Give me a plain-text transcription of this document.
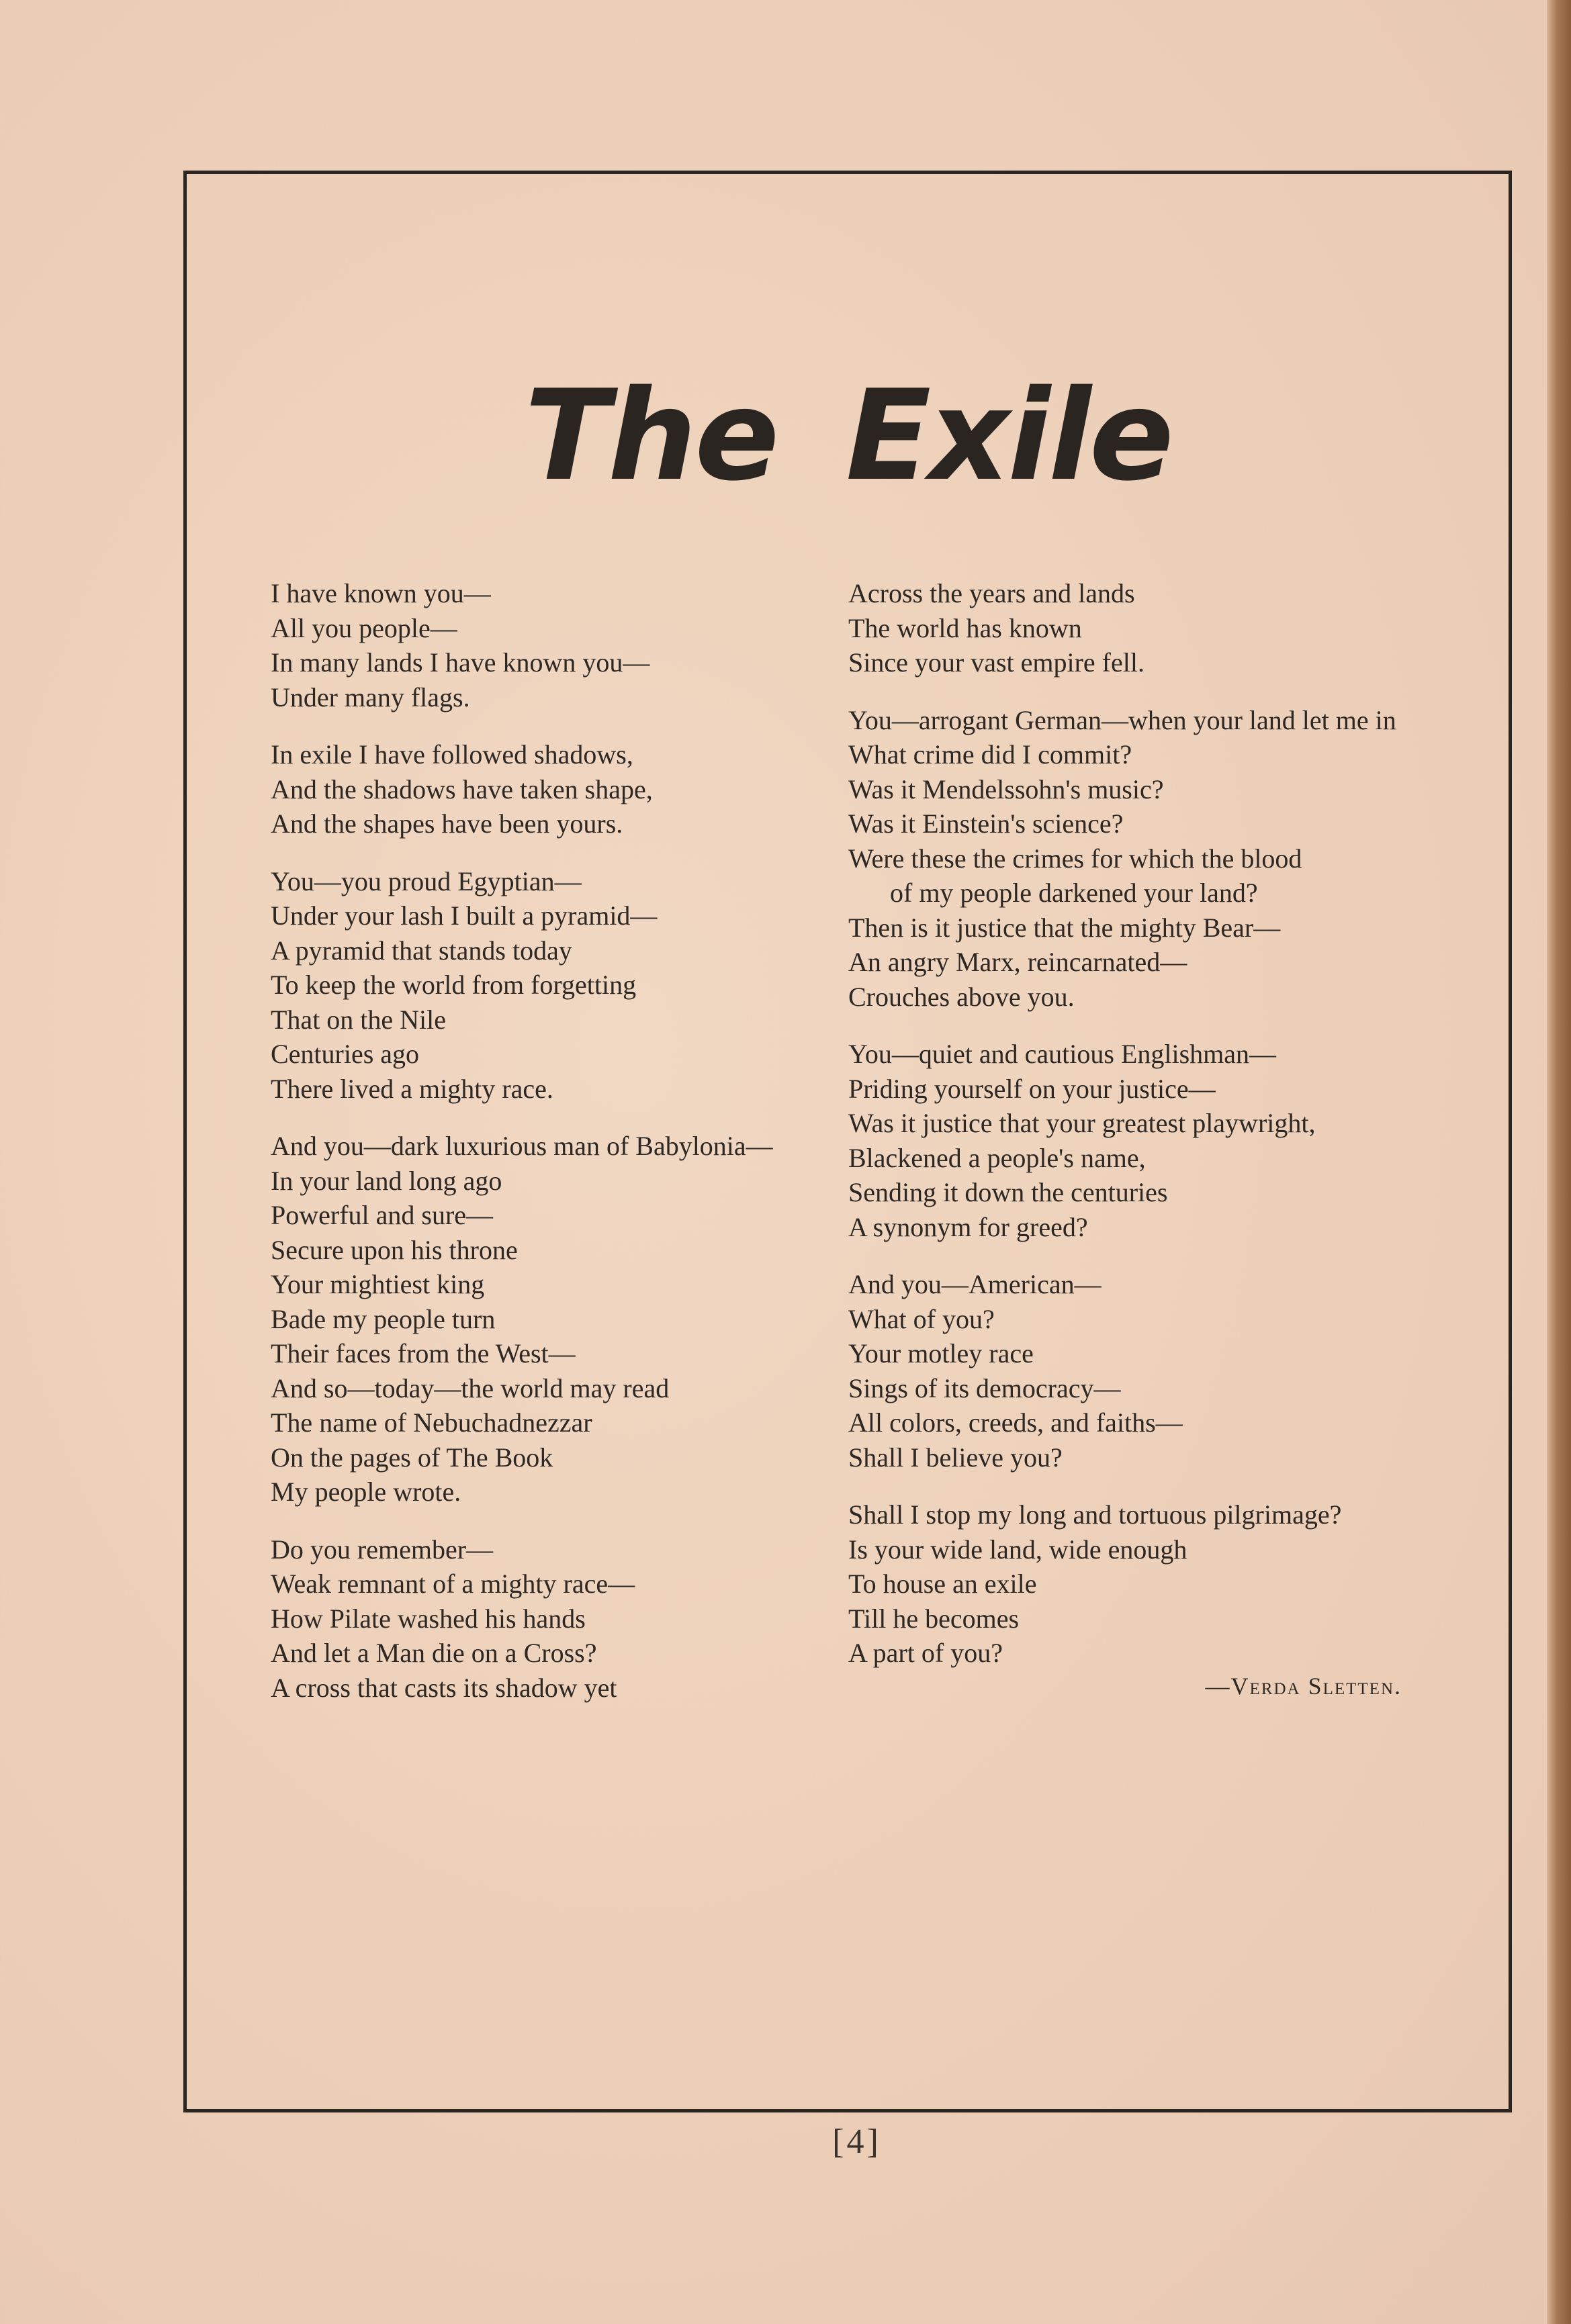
The Exile
I have known you—
All you people—
In many lands I have known you—
Under many flags.
In exile I have followed shadows,
And the shadows have taken shape,
And the shapes have been yours.
You—you proud Egyptian—
Under your lash I built a pyramid—
A pyramid that stands today
To keep the world from forgetting
That on the Nile
Centuries ago
There lived a mighty race.
And you—dark luxurious man of Babylonia—
In your land long ago
Powerful and sure—
Secure upon his throne
Your mightiest king
Bade my people turn
Their faces from the West—
And so—today—the world may read
The name of Nebuchadnezzar
On the pages of The Book
My people wrote.
Do you remember—
Weak remnant of a mighty race—
How Pilate washed his hands
And let a Man die on a Cross?
A cross that casts its shadow yet
Across the years and lands
The world has known
Since your vast empire fell.
You—arrogant German—when your land let me in
What crime did I commit?
Was it Mendelssohn's music?
Was it Einstein's science?
Were these the crimes for which the blood
of my people darkened your land?
Then is it justice that the mighty Bear—
An angry Marx, reincarnated—
Crouches above you.
You—quiet and cautious Englishman—
Priding yourself on your justice—
Was it justice that your greatest playwright,
Blackened a people's name,
Sending it down the centuries
A synonym for greed?
And you—American—
What of you?
Your motley race
Sings of its democracy—
All colors, creeds, and faiths—
Shall I believe you?
Shall I stop my long and tortuous pilgrimage?
Is your wide land, wide enough
To house an exile
Till he becomes
A part of you?
—Verda Sletten.
[4]
